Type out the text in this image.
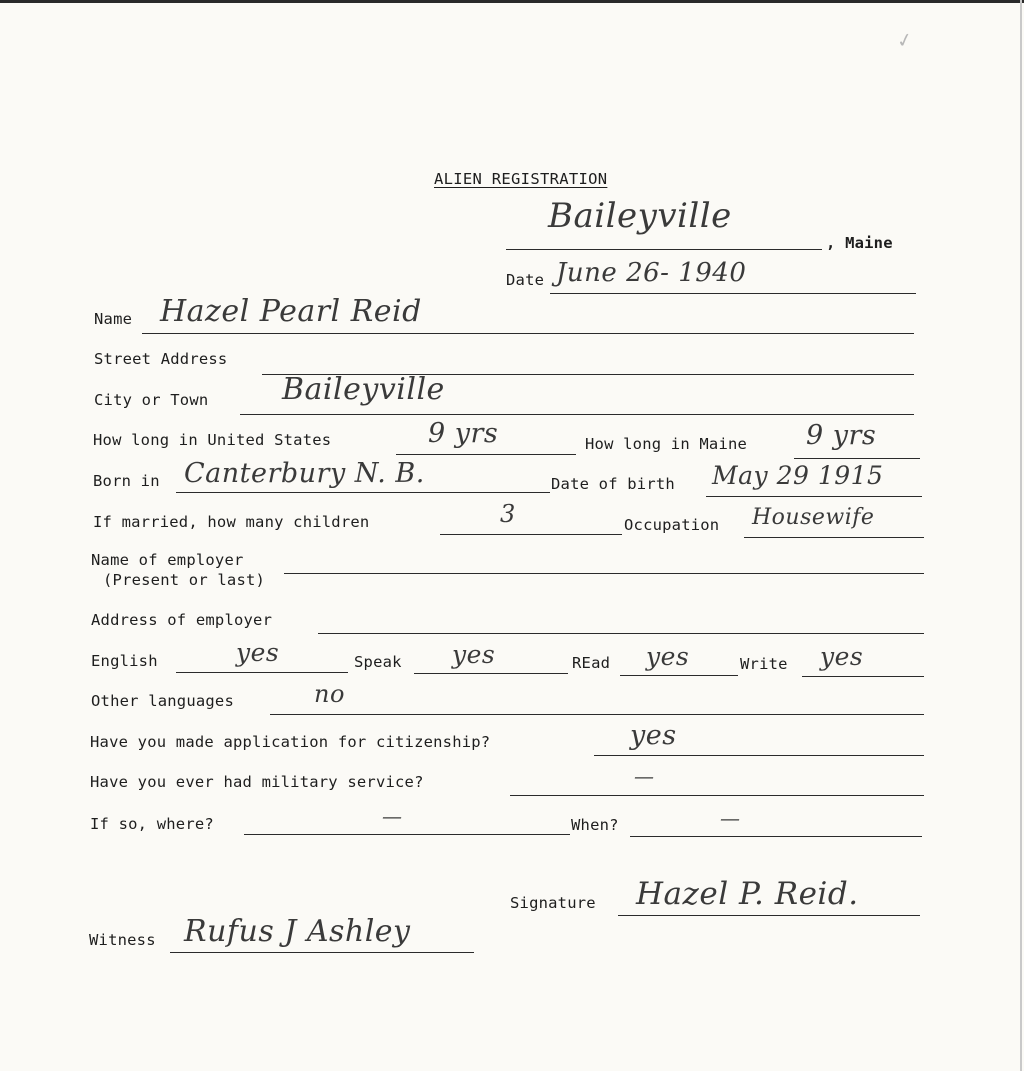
✓
ALIEN REGISTRATION
Baileyville
, Maine
Date June 26- 1940
Name Hazel Pearl Reid
Street Address
City or Town Baileyville
How long in United States	9 yrs	How long in Maine 9 yrs
Born in Canterbury N. B.	Date of birth May 29 1915
If married, how many children	3	Occupation Housewife
Name of employer
(Present or last)
Address of employer
English	yes	Speak yes	REad yes	Write yes
Other languages	no
Have you made application for citizenship?	yes
Have you ever had military service?	—
If so, where?	—	When?	—
Signature Hazel P. Reid.
Witness Rufus J Ashley
